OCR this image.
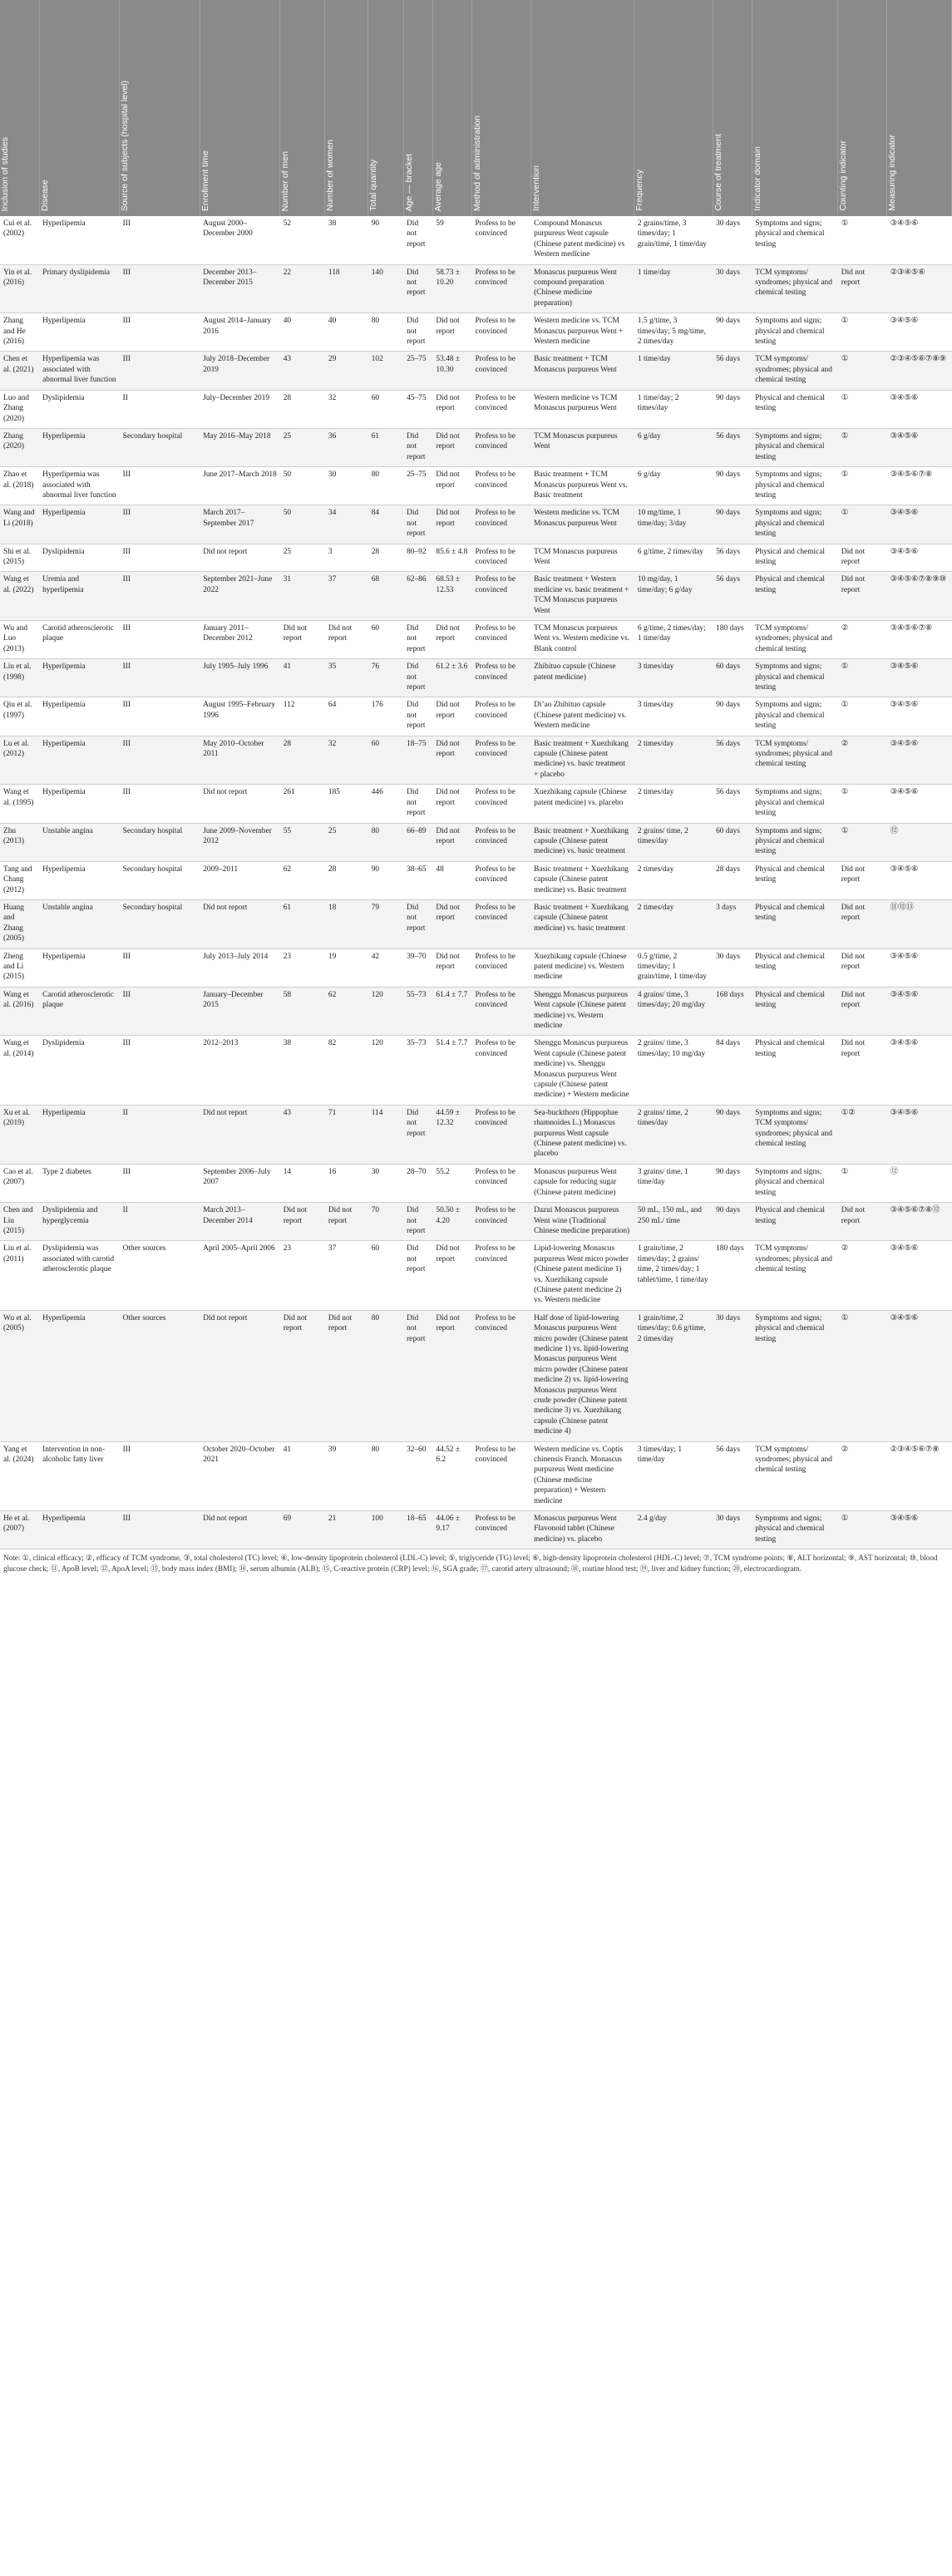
Inclusion of studies	Disease	Source of subjects (hospital level)	Enrollment time	Number of men	Number of women	Total quantity	Age — bracket	Average age	Method of administration	Intervention	Frequency	Course of treatment	Indicator domain	Counting indicator	Measuring indicator

Cui et al. (2002)	Hyperlipemia	III	August 2000–December 2000	52	38	90	Did not report	59	Profess to be convinced	Compound Monascus purpureus Went capsule (Chinese patent medicine) vs Western medicine	2 grains/time, 3 times/day; 1 grain/time, 1 time/day	30 days	Symptoms and signs; physical and chemical testing	①	③④⑤⑥
Yin et al. (2016)	Primary dyslipidemia	III	December 2013–December 2015	22	118	140	Did not report	58.73 ± 10.20	Profess to be convinced	Monascus purpureus Went compound preparation (Chinese medicine preparation)	1 time/day	30 days	TCM symptoms/ syndromes; physical and chemical testing	Did not report	②③④⑤⑥
Zhang and He (2016)	Hyperlipemia	III	August 2014–January 2016	40	40	80	Did not report	Did not report	Profess to be convinced	Western medicine vs. TCM Monascus purpureus Went + Western medicine	1.5 g/time, 3 times/day; 5 mg/time, 2 times/day	90 days	Symptoms and signs; physical and chemical testing	①	③④⑤⑥
Chen et al. (2021)	Hyperlipemia was associated with abnormal liver function	III	July 2018–December 2019	43	29	102	25–75	53.48 ± 10.30	Profess to be convinced	Basic treatment + TCM Monascus purpureus Went	1 time/day	56 days	TCM symptoms/ syndromes; physical and chemical testing	①	②③④⑤⑥⑦⑧⑨
Luo and Zhang (2020)	Dyslipidemia	II	July–December 2019	28	32	60	45–75	Did not report	Profess to be convinced	Western medicine vs TCM Monascus purpureus Went	1 time/day; 2 times/day	90 days	Physical and chemical testing	①	③④⑤⑥
Zhang (2020)	Hyperlipemia	Secondary hospital	May 2016–May 2018	25	36	61	Did not report	Did not report	Profess to be convinced	TCM Monascus purpureus Went	6 g/day	56 days	Symptoms and signs; physical and chemical testing	①	③④⑤⑥
Zhao et al. (2018)	Hyperlipemia was associated with abnormal liver function	III	June 2017–March 2018	50	30	80	25–75	Did not report	Profess to be convinced	Basic treatment + TCM Monascus purpureus Went vs. Basic treatment	6 g/day	90 days	Symptoms and signs; physical and chemical testing	①	③④⑤⑥⑦⑧
Wang and Li (2018)	Hyperlipemia	III	March 2017–September 2017	50	34	84	Did not report	Did not report	Profess to be convinced	Western medicine vs. TCM Monascus purpureus Went	10 mg/time, 1 time/day; 3/day	90 days	Symptoms and signs; physical and chemical testing	①	③④⑤⑥
Shi et al. (2015)	Dyslipidemia	III	Did not report	25	3	28	80–92	85.6 ± 4.8	Profess to be convinced	TCM Monascus purpureus Went	6 g/time, 2 times/day	56 days	Physical and chemical testing	Did not report	③④⑤⑥
Wang et al. (2022)	Uremia and hyperlipemia	III	September 2021–June 2022	31	37	68	62–86	68.53 ± 12.53	Profess to be convinced	Basic treatment + Western medicine vs. basic treatment + TCM Monascus purpureus Went	10 mg/day, 1 time/day; 6 g/day	56 days	Physical and chemical testing	Did not report	③④⑤⑥⑦⑧⑨⑩
Wu and Luo (2013)	Carotid atherosclerotic plaque	III	January 2011–December 2012	Did not report	Did not report	60	Did not report	Did not report	Profess to be convinced	TCM Monascus purpureus Went vs. Western medicine vs. Blank control	6 g/time, 2 times/day; 1 time/day	180 days	TCM symptoms/ syndromes; physical and chemical testing	②	③④⑤⑥⑦⑧
Liu et al. (1998)	Hyperlipemia	III	July 1995–July 1996	41	35	76	Did not report	61.2 ± 3.6	Profess to be convinced	Zhibituo capsule (Chinese patent medicine)	3 times/day	60 days	Symptoms and signs; physical and chemical testing	①	③④⑤⑥
Qiu et al. (1997)	Hyperlipemia	III	August 1995–February 1996	112	64	176	Did not report	Did not report	Profess to be convinced	Di’ao Zhibituo capsule (Chinese patent medicine) vs. Western medicine	3 times/day	90 days	Symptoms and signs; physical and chemical testing	①	③④⑤⑥
Lu et al. (2012)	Hyperlipemia	III	May 2010–October 2011	28	32	60	18–75	Did not report	Profess to be convinced	Basic treatment + Xuezhikang capsule (Chinese patent medicine) vs. basic treatment + placebo	2 times/day	56 days	TCM symptoms/ syndromes; physical and chemical testing	②	③④⑤⑥
Wang et al. (1995)	Hyperlipemia	III	Did not report	261	185	446	Did not report	Did not report	Profess to be convinced	Xuezhikang capsule (Chinese patent medicine) vs. placebo	2 times/day	56 days	Symptoms and signs; physical and chemical testing	①	③④⑤⑥
Zhu (2013)	Unstable angina	Secondary hospital	June 2009–November 2012	55	25	80	66–89	Did not report	Profess to be convinced	Basic treatment + Xuezhikang capsule (Chinese patent medicine) vs. basic treatment	2 grains/ time, 2 times/day	60 days	Symptoms and signs; physical and chemical testing	①	⑫
Tang and Chang (2012)	Hyperlipemia	Secondary hospital	2009–2011	62	28	90	38–65	48	Profess to be convinced	Basic treatment + Xuezhikang capsule (Chinese patent medicine) vs. Basic treatment	2 times/day	28 days	Physical and chemical testing	Did not report	③④⑤⑥
Huang and Zhang (2005)	Unstable angina	Secondary hospital	Did not report	61	18	79	Did not report	Did not report	Profess to be convinced	Basic treatment + Xuezhikang capsule (Chinese patent medicine) vs. basic treatment	2 times/day	3 days	Physical and chemical testing	Did not report	⑪⑫⑬
Zheng and Li (2015)	Hyperlipemia	III	July 2013–July 2014	23	19	42	39–70	Did not report	Profess to be convinced	Xuezhikang capsule (Chinese patent medicine) vs. Western medicine	0.5 g/time, 2 times/day; 1 grain/time, 1 time/day	30 days	Physical and chemical testing	Did not report	③④⑤⑥
Wang et al. (2016)	Carotid atherosclerotic plaque	III	January–December 2015	58	62	120	55–73	61.4 ± 7.7	Profess to be convinced	Shenggu Monascus purpureus Went capsule (Chinese patent medicine) vs. Western medicine	4 grains/ time, 3 times/day; 20 mg/day	168 days	Physical and chemical testing	Did not report	③④⑤⑥
Wang et al. (2014)	Dyslipidemia	III	2012–2013	38	82	120	35–73	51.4 ± 7.7	Profess to be convinced	Shenggu Monascus purpureus Went capsule (Chinese patent medicine) vs. Shenggu Monascus purpureus Went capsule (Chinese patent medicine) + Western medicine	2 grains/ time, 3 times/day; 10 mg/day	84 days	Physical and chemical testing	Did not report	③④⑤⑥
Xu et al. (2019)	Hyperlipemia	II	Did not report	43	71	114	Did not report	44.59 ± 12.32	Profess to be convinced	Sea-buckthorn (Hippophae rhamnoides L.) Monascus purpureus Went capsule (Chinese patent medicine) vs. placebo	2 grains/ time, 2 times/day	90 days	Symptoms and signs; TCM symptoms/ syndromes; physical and chemical testing	①②	③④⑤⑥
Cao et al. (2007)	Type 2 diabetes	III	September 2006–July 2007	14	16	30	28–70	55.2	Profess to be convinced	Monascus purpureus Went capsule for reducing sugar (Chinese patent medicine)	3 grains/ time, 1 time/day	90 days	Symptoms and signs; physical and chemical testing	①	⑫
Chen and Liu (2015)	Dyslipidemia and hyperglycemia	II	March 2013–December 2014	Did not report	Did not report	70	Did not report	50.50 ± 4.20	Profess to be convinced	Dazui Monascus purpureus Went wine (Traditional Chinese medicine preparation)	50 mL, 150 mL, and 250 mL/ time	90 days	Physical and chemical testing	Did not report	③④⑤⑥⑦⑧⑫
Liu et al. (2011)	Dyslipidemia was associated with carotid atherosclerotic plaque	Other sources	April 2005–April 2006	23	37	60	Did not report	Did not report	Profess to be convinced	Lipid-lowering Monascus purpureus Went micro powder (Chinese patent medicine 1) vs. Xuezhikang capsule (Chinese patent medicine 2) vs. Western medicine	1 grain/time, 2 times/day; 2 grains/ time, 2 times/day; 1 tablet/time, 1 time/day	180 days	TCM symptoms/ syndromes; physical and chemical testing	②	③④⑤⑥
Wu et al. (2005)	Hyperlipemia	Other sources	Did not report	Did not report	Did not report	80	Did not report	Did not report	Profess to be convinced	Half dose of lipid-lowering Monascus purpureus Went micro powder (Chinese patent medicine 1) vs. lipid-lowering Monascus purpureus Went micro powder (Chinese patent medicine 2) vs. lipid-lowering Monascus purpureus Went crude powder (Chinese patent medicine 3) vs. Xuezhikang capsule (Chinese patent medicine 4)	1 grain/time, 2 times/day; 0.6 g/time, 2 times/day	30 days	Symptoms and signs; physical and chemical testing	①	③④⑤⑥
Yang et al. (2024)	Intervention in non-alcoholic fatty liver	III	October 2020–October 2021	41	39	80	32–60	44.52 ± 6.2	Profess to be convinced	Western medicine vs. Coptis chinensis Franch. Monascus purpureus Went medicine (Chinese medicine preparation) + Western medicine	3 times/day; 1 time/day	56 days	TCM symptoms/ syndromes; physical and chemical testing	②	②③④⑤⑥⑦⑧
He et al. (2007)	Hyperlipemia	III	Did not report	69	21	100	18–65	44.06 ± 9.17	Profess to be convinced	Monascus purpureus Went Flavonoid tablet (Chinese medicine) vs. placebo	2.4 g/day	30 days	Symptoms and signs; physical and chemical testing	①	③④⑤⑥
Note: ①, clinical efficacy; ②, efficacy of TCM syndrome, ③, total cholesterol (TC) level; ④, low-density lipoprotein cholesterol (LDL-C) level; ⑤, triglyceride (TG) level; ⑥, high-density lipoprotein cholesterol (HDL-C) level; ⑦, TCM syndrome points; ⑧, ALT horizontal; ⑨, AST horizontal; ⑩, blood glucose check; ⑪, ApoB level; ⑫, ApoA level; ⑬, body mass index (BMI); ⑭, serum albumin (ALB); ⑮, C-reactive protein (CRP) level; ⑯, SGA grade; ⑰, carotid artery ultrasound; ⑱, routine blood test; ⑲, liver and kidney function; ⑳, electrocardiogram.
